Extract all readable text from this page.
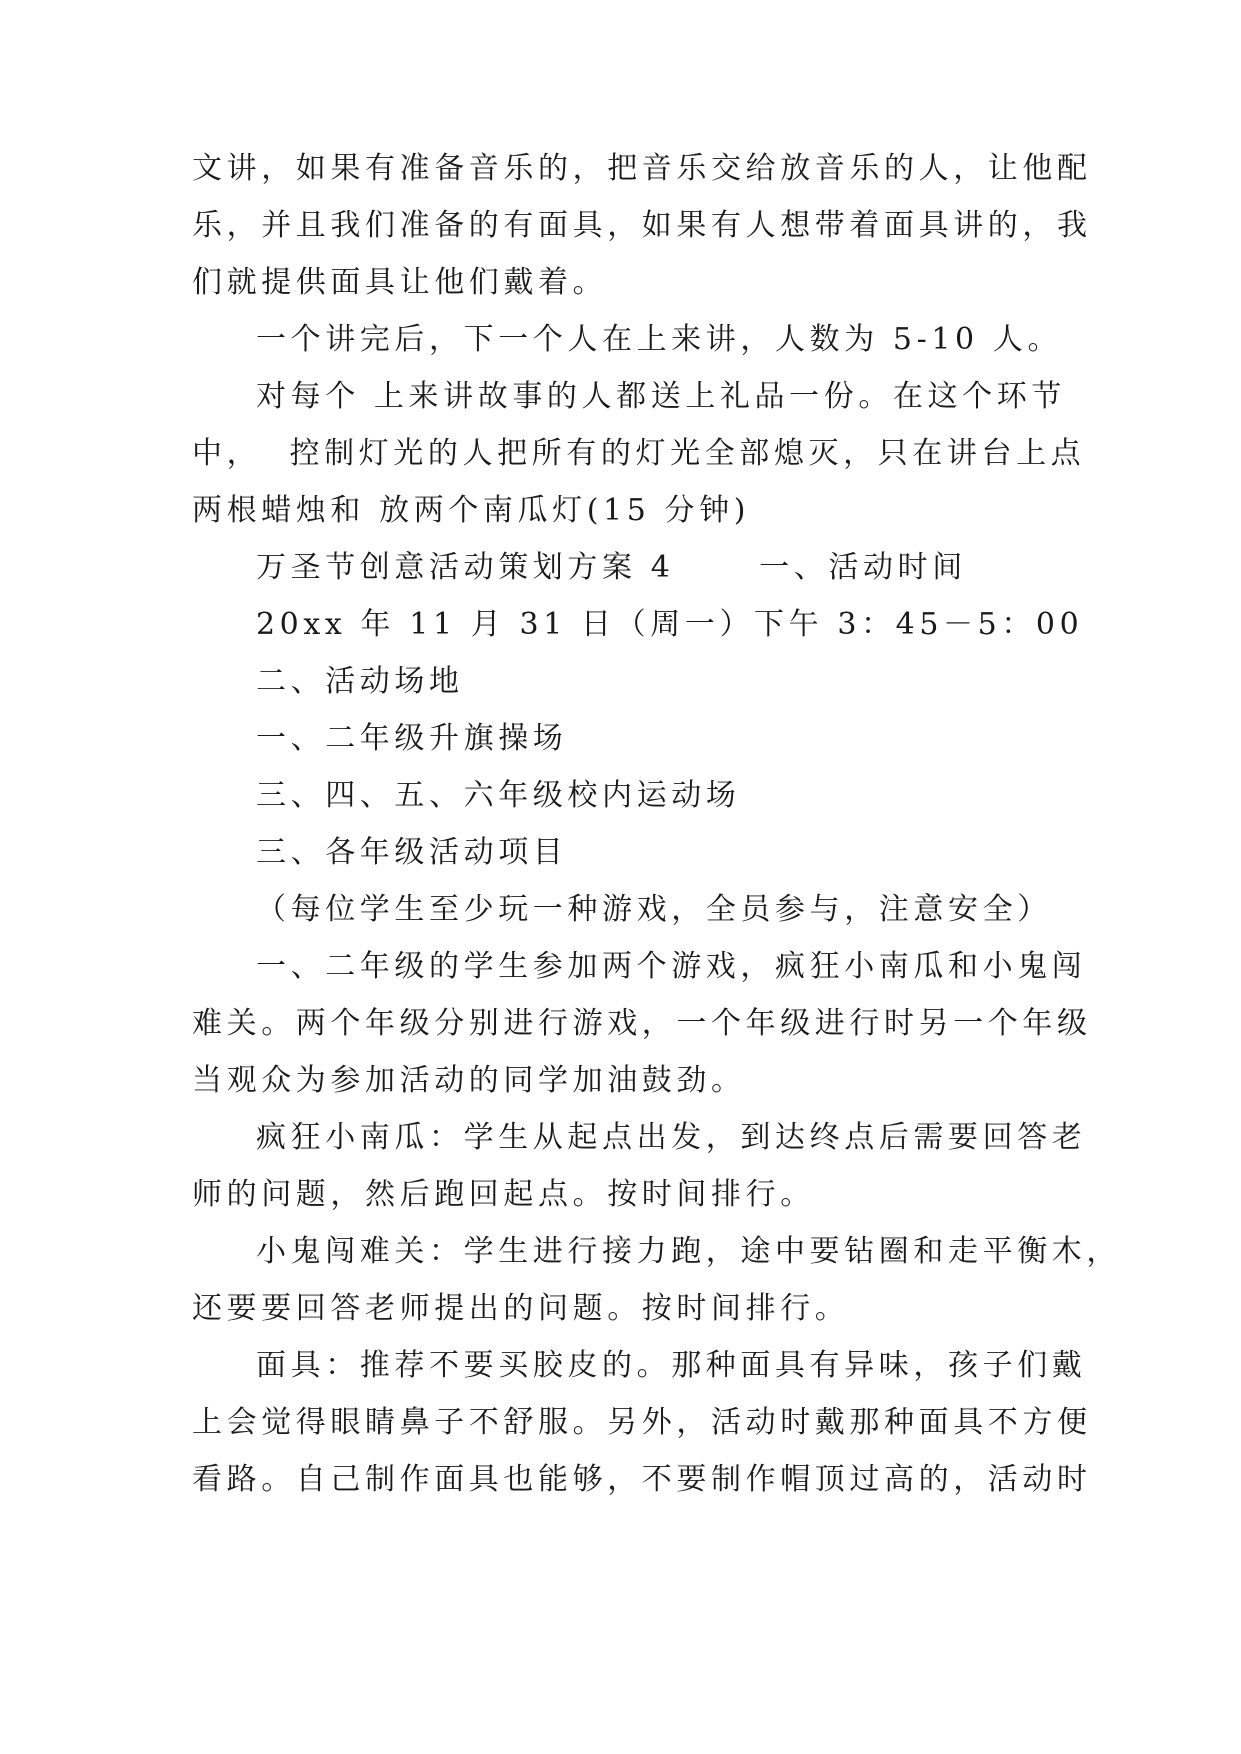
文讲，如果有准备音乐的，把音乐交给放音乐的人，让他配
乐，并且我们准备的有面具，如果有人想带着面具讲的，我
们就提供面具让他们戴着。
一个讲完后，下一个人在上来讲，人数为 5-10 人。
对每个 上来讲故事的人都送上礼品一份。在这个环节
中，  控制灯光的人把所有的灯光全部熄灭，只在讲台上点
两根蜡烛和 放两个南瓜灯(15 分钟)
万圣节创意活动策划方案 4      一、活动时间
20xx 年 11 月 31 日（周一）下午 3：45－5：00
二、活动场地
一、二年级升旗操场
三、四、五、六年级校内运动场
三、各年级活动项目
（每位学生至少玩一种游戏，全员参与，注意安全）
一、二年级的学生参加两个游戏，疯狂小南瓜和小鬼闯
难关。两个年级分别进行游戏，一个年级进行时另一个年级
当观众为参加活动的同学加油鼓劲。
疯狂小南瓜：学生从起点出发，到达终点后需要回答老
师的问题，然后跑回起点。按时间排行。
小鬼闯难关：学生进行接力跑，途中要钻圈和走平衡木，
还要要回答老师提出的问题。按时间排行。
面具：推荐不要买胶皮的。那种面具有异味，孩子们戴
上会觉得眼睛鼻子不舒服。另外，活动时戴那种面具不方便
看路。自己制作面具也能够，不要制作帽顶过高的，活动时
